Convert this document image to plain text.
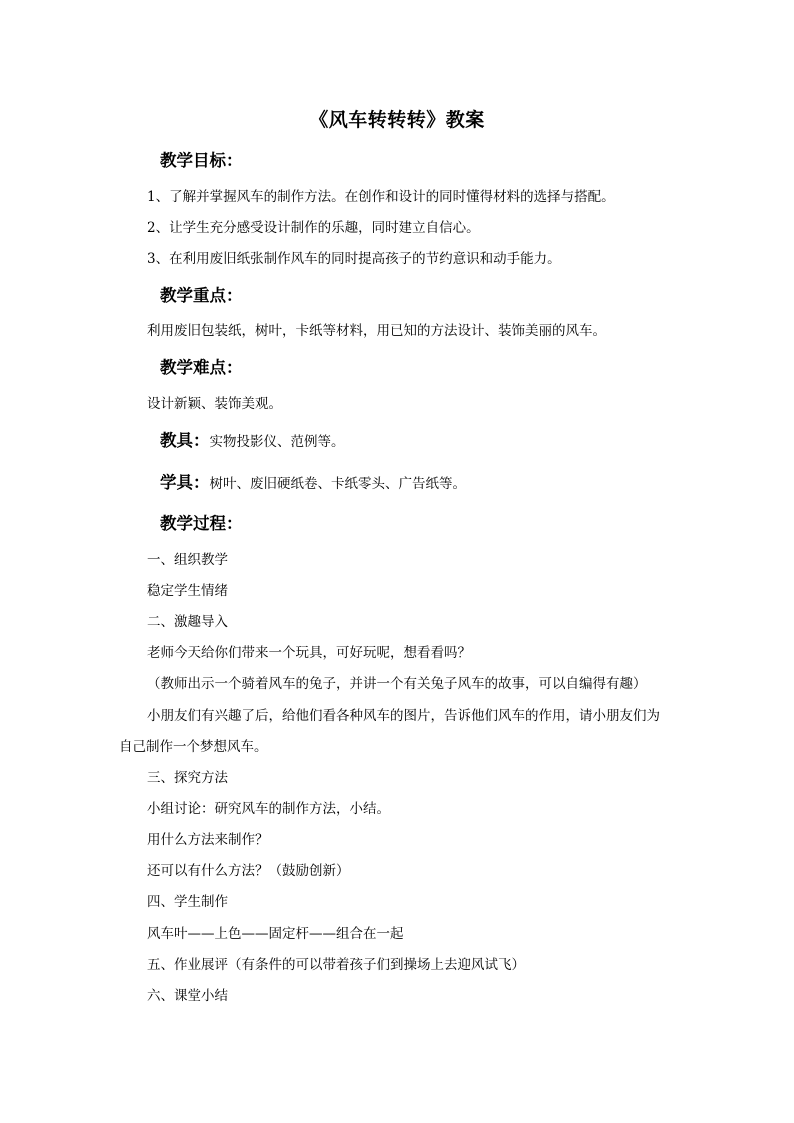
《风车转转转》教案
教学目标：
1、了解并掌握风车的制作方法。在创作和设计的同时懂得材料的选择与搭配。
2、让学生充分感受设计制作的乐趣，同时建立自信心。
3、在利用废旧纸张制作风车的同时提高孩子的节约意识和动手能力。
教学重点：
利用废旧包装纸，树叶，卡纸等材料，用已知的方法设计、装饰美丽的风车。
教学难点：
设计新颖、装饰美观。
教具：实物投影仪、范例等。
学具：树叶、废旧硬纸卷、卡纸零头、广告纸等。
教学过程：
一、组织教学
稳定学生情绪
二、激趣导入
老师今天给你们带来一个玩具，可好玩呢，想看看吗？
（教师出示一个骑着风车的兔子，并讲一个有关兔子风车的故事，可以自编得有趣）
小朋友们有兴趣了后，给他们看各种风车的图片，告诉他们风车的作用，请小朋友们为
自己制作一个梦想风车。
三、探究方法
小组讨论：研究风车的制作方法，小结。
用什么方法来制作？
还可以有什么方法？（鼓励创新）
四、学生制作
风车叶——上色——固定杆——组合在一起
五、作业展评（有条件的可以带着孩子们到操场上去迎风试飞）
六、课堂小结
